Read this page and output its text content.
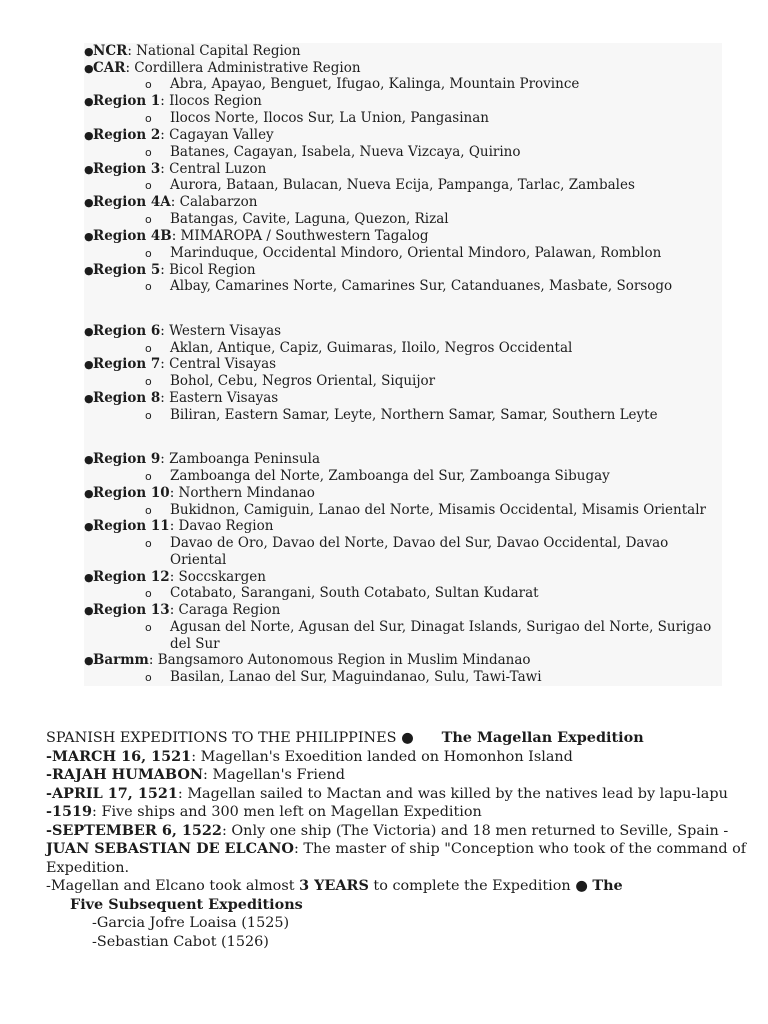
●NCR: National Capital Region
●CAR: Cordillera Administrative Region
o Abra, Apayao, Benguet, Ifugao, Kalinga, Mountain Province
●Region 1: Ilocos Region
o Ilocos Norte, Ilocos Sur, La Union, Pangasinan
●Region 2: Cagayan Valley
o Batanes, Cagayan, Isabela, Nueva Vizcaya, Quirino
●Region 3: Central Luzon
o Aurora, Bataan, Bulacan, Nueva Ecija, Pampanga, Tarlac, Zambales
●Region 4A: Calabarzon
o Batangas, Cavite, Laguna, Quezon, Rizal
●Region 4B: MIMAROPA / Southwestern Tagalog
o Marinduque, Occidental Mindoro, Oriental Mindoro, Palawan, Romblon
●Region 5: Bicol Region
o Albay, Camarines Norte, Camarines Sur, Catanduanes, Masbate, Sorsogo
●Region 6: Western Visayas
o Aklan, Antique, Capiz, Guimaras, Iloilo, Negros Occidental
●Region 7: Central Visayas
o Bohol, Cebu, Negros Oriental, Siquijor
●Region 8: Eastern Visayas
o Biliran, Eastern Samar, Leyte, Northern Samar, Samar, Southern Leyte
●Region 9: Zamboanga Peninsula
o Zamboanga del Norte, Zamboanga del Sur, Zamboanga Sibugay
●Region 10: Northern Mindanao
o Bukidnon, Camiguin, Lanao del Norte, Misamis Occidental, Misamis Orientalr
●Region 11: Davao Region
o Davao de Oro, Davao del Norte, Davao del Sur, Davao Occidental, Davao
Oriental
●Region 12: Soccskargen
o Cotabato, Sarangani, South Cotabato, Sultan Kudarat
●Region 13: Caraga Region
o Agusan del Norte, Agusan del Sur, Dinagat Islands, Surigao del Norte, Surigao
del Sur
●Barmm: Bangsamoro Autonomous Region in Muslim Mindanao
o Basilan, Lanao del Sur, Maguindanao, Sulu, Tawi-Tawi
SPANISH EXPEDITIONS TO THE PHILIPPINES ● The Magellan Expedition
-MARCH 16, 1521: Magellan's Exoedition landed on Homonhon Island
-RAJAH HUMABON: Magellan's Friend
-APRIL 17, 1521: Magellan sailed to Mactan and was killed by the natives lead by lapu-lapu
-1519: Five ships and 300 men left on Magellan Expedition
-SEPTEMBER 6, 1522: Only one ship (The Victoria) and 18 men returned to Seville, Spain -
JUAN SEBASTIAN DE ELCANO: The master of ship "Conception who took of the command of
Expedition.
-Magellan and Elcano took almost 3 YEARS to complete the Expedition ● The
Five Subsequent Expeditions
-Garcia Jofre Loaisa (1525)
-Sebastian Cabot (1526)
